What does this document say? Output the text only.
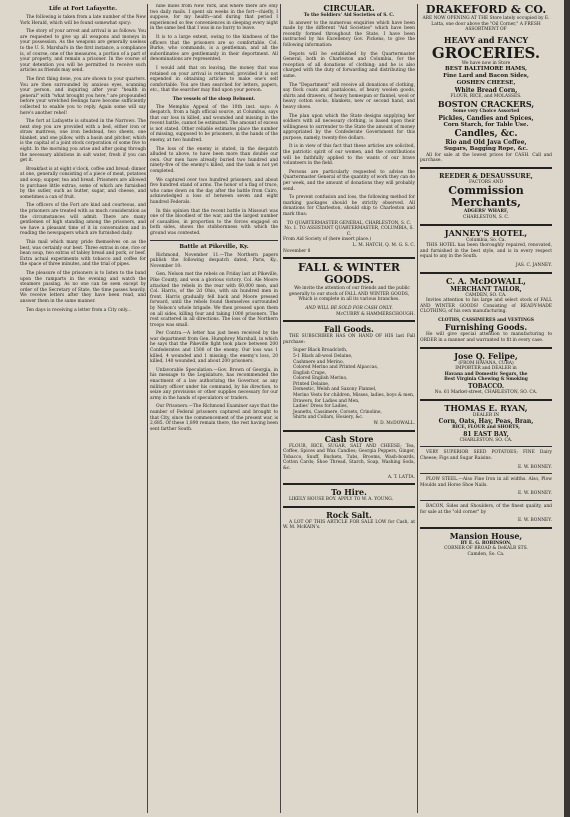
Life at Fort Lafayette.

The following is taken from a late number of the New York Herald, which will be found somewhat spicy:

The story of your arrest and arrival is as follows: You are requested to give up all weapons and moneys in your possession. As the weapons are generally useless to the U. S. Marshal's in the first instance, a compliance is, of course, one of the measures, a portion of a part of your property, and remain a prisoner. In the course of your detention you will be permitted to receive such articles as friends may send.

The first thing done, you are shown to your quarters. You are then surrounded by anxious eyes, scanning your person, and inquiring after your "health in general" with "what brought you here," are propounded before your wretched feelings have become sufficiently collected to enable you to reply. Again some will say here's another rebel!

The fort at Lafayette is situated in the Narrows. The next step you are provided with a bed, either iron or straw mattress, one iron bedstead, two sheets, one blanket, and one pillow, with a basin and pitcher, which is the capital of a joint stock corporation of some five to eight. In the morning you arise and after going through the necessary ablutions in salt water, fresh if you can get it.

Breakfast is at eight o'clock, coffee and bread; dinner at one, generally consisting of a piece of meat, potatoes and soup; supper, tea and bread. Prisoners are allowed to purchase little extras, some of which are furnished by the sutler, such as butter, sugar, and cheese, and sometimes a can of fruit.

The officers of the Fort are kind and courteous, and the prisoners are treated with as much consideration as the circumstances will admit. There are many gentlemen of high standing among the prisoners, and we have a pleasant time of it in conversation and in reading the newspapers which are furnished daily.

This mail which many pride themselves on as the best, was certainly our best. Three extras in one, rice or bean soup, two extras of tabley bread and pork, or beef. Extra actual experiments with tobacco and coffee for the space of three minutes, and the trial of pipes.

The pleasure of the prisoners is to listen to the band upon the ramparts in the evening and watch the steamers passing. As no one can be seen except by order of the Secretary of State, the time passes heavily. We receive letters after they have been read, and answer them in the same manner.

Ten days is receiving a letter from a City only...

nine miles from New York, and where there are only two daily mails. I spent six weeks in the fort—chiefly, I suppose, for my health—and during that period I experienced so few conveniences in sleeping every night in the same bed that I was in no hurry to leave.

It is to a large extent, owing to the kindness of the officers that the prisoners are so comfortable. Col. Burke, who commands, is a gentleman, and all the subordinates are gentlemanly in their deportment. All denominations are represented.

I would add that on leaving, the money that was retained on your arrival is returned, provided it is not expended in obtaining articles to make one's self comfortable. You are then searched for letters, papers, etc., that the searcher may find upon your person.

The vessels of the sloop Belmont.

The Memphis Appeal of the 10th inst. says: A despatch, from a high official source, at Columbus, says that our loss in killed, and wounded and missing in the recent battle, cannot be estimated. The amount of excess is not stated. Other reliable estimates place the number of missing, supposed to be prisoners, in the hands of the enemy, at two hundred.

The loss of the enemy is stated, in the despatch alluded to above, to have been more than double our own. Our men have already buried two hundred and ninety-five of the enemy's killed, and the task is not yet completed.

We captured over two hundred prisoners, and about five hundred stand of arms. The honor of a flag of truce, who came down on the day after the battle from Cairo, acknowledged a loss of between seven and eight hundred Federals.

In this opinion that the recent battle in Missouri was one of the bloodiest of the war, and the largest number of casualties, in proportion to the forces engaged on both sides, shows the stubbornness with which the ground was contested.

Battle at Pikeville, Ky.

Richmond, November 11.—The Northern papers publish the following despatch dated, Paris, Ky., November 10:

Gen. Nelson met the rebels on Friday last at Pikeville, Pike County, and won a glorious victory. Col. Ale Moore attacked the rebels in the rear with 60,000 men, and Col. Harris, of the 2d Ohio, with six hundred men in front. Harris gradually fell back and Moore pressed forward, until the rebels found themselves surrounded by Nelson's whole brigade. We then pressed upon them on all sides, killing four and taking 1000 prisoners. The rest scattered in all directions. The loss of the Northern troops was small.

Per Contra.—A letter has just been received by the war department from Gen. Humphrey Marshall, in which he says that the Pikeville fight took place between 200 Confederates and 1500 of the enemy. Our loss was 1 killed, 4 wounded and 1 missing; the enemy's loss, 20 killed, 140 wounded, and about 200 prisoners.

Unfavorable Speculation.—Gov. Brown of Georgia, in his message to the Legislature, has recommended the enactment of a law authorizing the Governor, as any military officer under his command, by his direction, to seize any provisions or other supplies necessary for our army in the hands of speculators or traders.

Our Prisoners.—The Richmond Examiner says that the number of Federal prisoners captured and brought to that City, since the commencement of the present war, is 2,685. Of these 1,890 remain there, the rest having been sent farther South.

CIRCULAR.
To the Soldiers' Aid Societies of S. C.

In answer to the numerous enquiries which have been made by the different "Aid Societies" which have been recently formed throughout the State, I have been instructed by his Excellency Gov. Pickens, to give the following information:

Depots will be established by the Quartermaster General, both in Charleston and Columbia, for the reception of all donations of clothing; and he is also charged with the duty of forwarding and distributing the same.

The "Department" will receive all donations of clothing, say flock coats and pantaloons, of heavy woolen goods, shirts and drawers, of heavy homespun or flannel, wool or heavy cotton socks, blankets, new or second hand, and heavy shoes.

The plan upon which the State designs supplying her soldiers with all necessary clothing, is based upon their willingness to surrender to the State the amount of money appropriated by the Confederate Government for this purpose, namely, twenty-five dollars.

It is in view of this fact that these articles are solicited, the patriotic spirit of our women, and the contributions will be faithfully applied to the wants of our brave volunteers in the field.

Persons are particularly requested to advise the Quartermaster General of the quantity of work they can do per week, and the amount of donations they will probably send.

To prevent confusion and loss, the following method for marking packages should be strictly observed. All donations for Charleston, should ship to Charleston and mark thus:

TO QUARTERMASTER GENERAL, CHARLESTON, S. C.
No. 1. TO ASSISTANT QUARTERMASTER, COLUMBIA, S. C.
From Aid Society of (here insert place.)
L. M. HATCH, Q. M. G. S. C.
November 8
FALL & WINTER
GOODS.

We invite the attention of our friends and the public generally to our stock of FALL AND WINTER GOODS, Which is complete in all its various branches.

AND WILL BE SOLD FOR CASH ONLY.
McCURRY & HAMMERSCHOUGH.
Fall Goods.

THE SUBSCRIBER HAS ON HAND OF HIS last Fall purchase:

Super Black Broadcloth,
5-1 Black all-wool Delaine,
Cashmere and Merino,
Colored Merino and Printed Alpaccas,
English Crape,
Colored English Merino,
Printed Delaine,
Domestic, Welsh and Saxony Flannel,
Merino Vests for children, Misses, ladies, boys & men,
Drawers, for Ladies and Men,
Ladies' Dress for Ladies,
Jeanetts, Cassimere, Corsets, Crinoline,
Shirts and Collars, Hosiery, &c.
W. D. McDOWALL.
Cash Store

FLOUR, RICE, SUGAR, SALT AND CHEESE; Tea, Coffee, Spices and Wax Candles; Georgia Peppers, Ginger, Tobacco, Snuff, Buckets, Tubs, Brooms, Wash-boards, Cotton Cards; Shoe Thread, Starch, Soap, Washing Soda, &c.

A. T. LATTA.
To Hire.

LIKELY HOUSE BOY. APPLY TO W. A. YOUNG.

Rock Salt.

A LOT OF THIS ARTICLE FOR SALE LOW for Cash, at W. M. McKAIN's.

DRAKEFORD & CO.

ARE NOW OPENING AT THE Store lately occupied by E. Latta, one door above the "Oil Corner," A FRESH ASSORTMENT OF

HEAVY and FANCY
GROCERIES.
We have now in Store
BEST BALTIMORE HAMS,
Fine Lard and Bacon Sides,
GOSHEN CHEESE,
White Bread Corn,
FLOUR, RICE, and MOLASSES.
BOSTON CRACKERS,
Some very Choice Assorted
Pickles, Candies and Spices,
Corn Starch, for Table Use.
Candles, &c.
Rio and Old Java Coffee,
Sugars, Bagging Rope, &c.

All for sale at the lowest prices for CASH. Call and purchase.

REEDER & DESAUSSURE,
FACTORS AND
Commission Merchants,
ADGERS' WHARF,
CHARLESTON, S. C.
JANNEY'S HOTEL,
Columbia, So. Ca.

THIS HOTEL has been thoroughly repaired, renovated, and furnished in the best style, and is in every respect equal to any in the South.

JAS. C. JANNEY.
C. A. McDOWALL,
MERCHANT TAILOR,
CAMDEN, SO. CA.

Invites attention to his large and select stock of FALL AND WINTER GOODS! Consisting of READY-MADE CLOTHING, of his own manufacturing.

CLOTHS, CASSIMERES and VESTINGS
Furnishing Goods.

He will give special attention to manufacturing to ORDER in a manner and warranted to fit in every case.

Jose Q. Felipe,
(FROM HAVANA, CUBA)
IMPORTER and DEALER in
Havana and Domestic Segars, the
Best Virginia Chewing & Smoking
TOBACCO.
No. 61 Market-street, CHARLESTON, SO. CA.
THOMAS E. RYAN,
DEALER IN
Corn, Oats, Hay, Peas, Bran,
RICE, FLOUR and SHORTS,
81 EAST BAY,
CHARLESTON, SO. CA.

VERY SUPERIOR SEED POTATOES; FINE Dairy Cheese; Figs and Sugar Raisins.

E. W. BONNEY.

PLOW STEEL.—Also Fine Iron in all widths. Also, Plow Moulds and Horse Shoe Nails.

E. W. BONNEY.

BACON, Sides and Shoulders, of the finest quality, and for sale at the "old corner" by

E. W. BONNEY.
Mansion House,
BY E. G. ROBINSON,
CORNER OF BROAD & DeKALB STS.
Camden, So. Ca.
